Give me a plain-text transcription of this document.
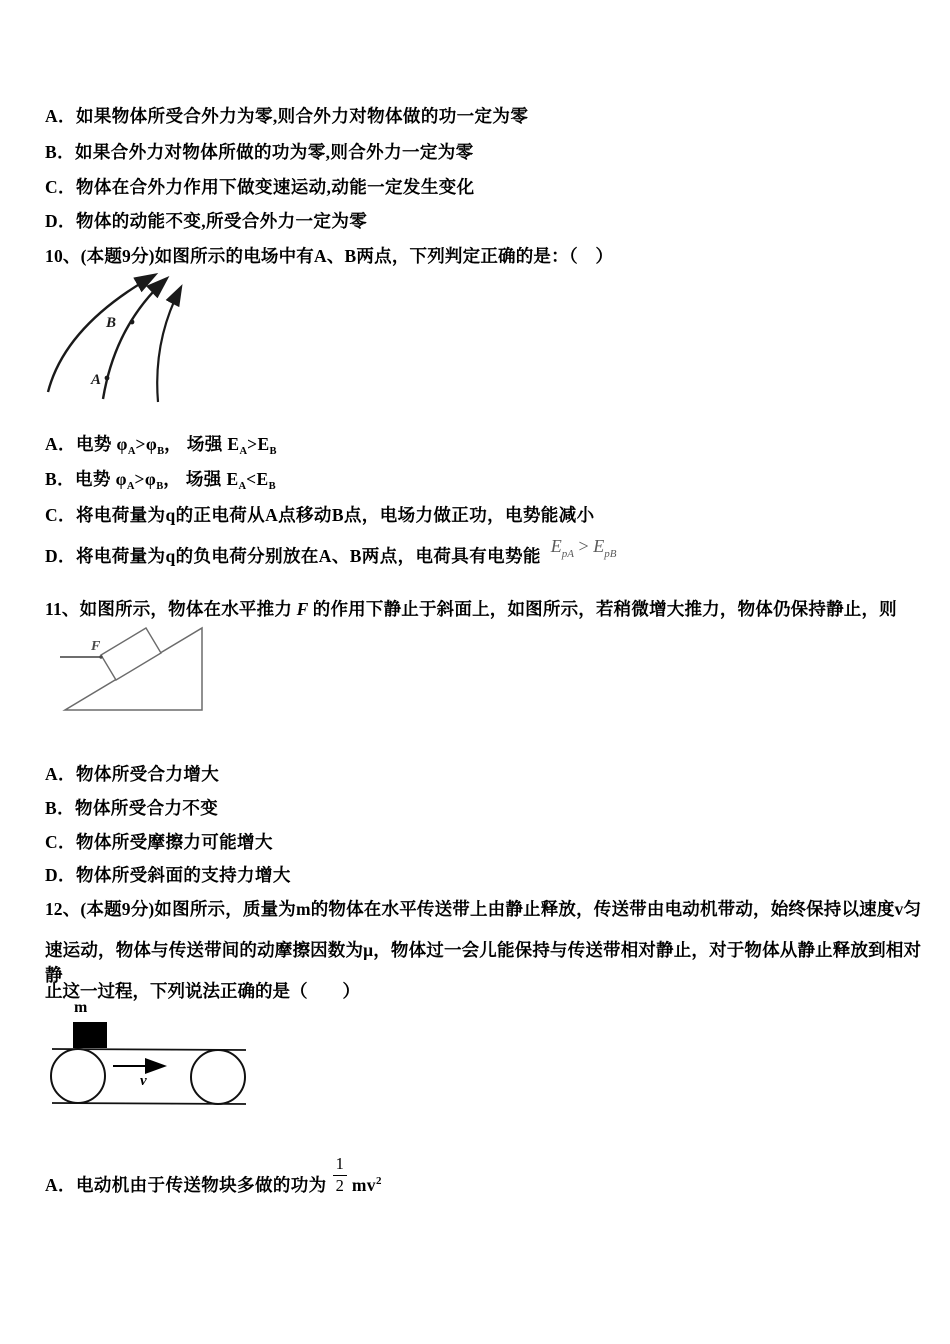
A．如果物体所受合外力为零,则合外力对物体做的功一定为零
B．如果合外力对物体所做的功为零,则合外力一定为零
C．物体在合外力作用下做变速运动,动能一定发生变化
D．物体的动能不变,所受合外力一定为零
10、(本题9分)如图所示的电场中有A、B两点，下列判定正确的是：（　）
B
A
A．电势 $\varphi_A>\varphi_B$， 场强 $E_A>E_B$
B．电势 $\varphi_A>\varphi_B$， 场强 $E_A<E_B$
C．将电荷量为q的正电荷从A点移动B点，电场力做正功，电势能减小
D．将电荷量为q的负电荷分别放在A、B两点，电荷具有电势能 $E_{pA} > E_{pB}$
11、如图所示，物体在水平推力 F 的作用下静止于斜面上，如图所示，若稍微增大推力，物体仍保持静止，则
F
A．物体所受合力增大
B．物体所受合力不变
C．物体所受摩擦力可能增大
D．物体所受斜面的支持力增大
12、(本题9分)如图所示，质量为m的物体在水平传送带上由静止释放，传送带由电动机带动，始终保持以速度v匀
速运动，物体与传送带间的动摩擦因数为μ，物体过一会儿能保持与传送带相对静止，对于物体从静止释放到相对静
止这一过程，下列说法正确的是（　　）
m
v
A．电动机由于传送物块多做的功为 $\frac{1}{2} mv^2$
